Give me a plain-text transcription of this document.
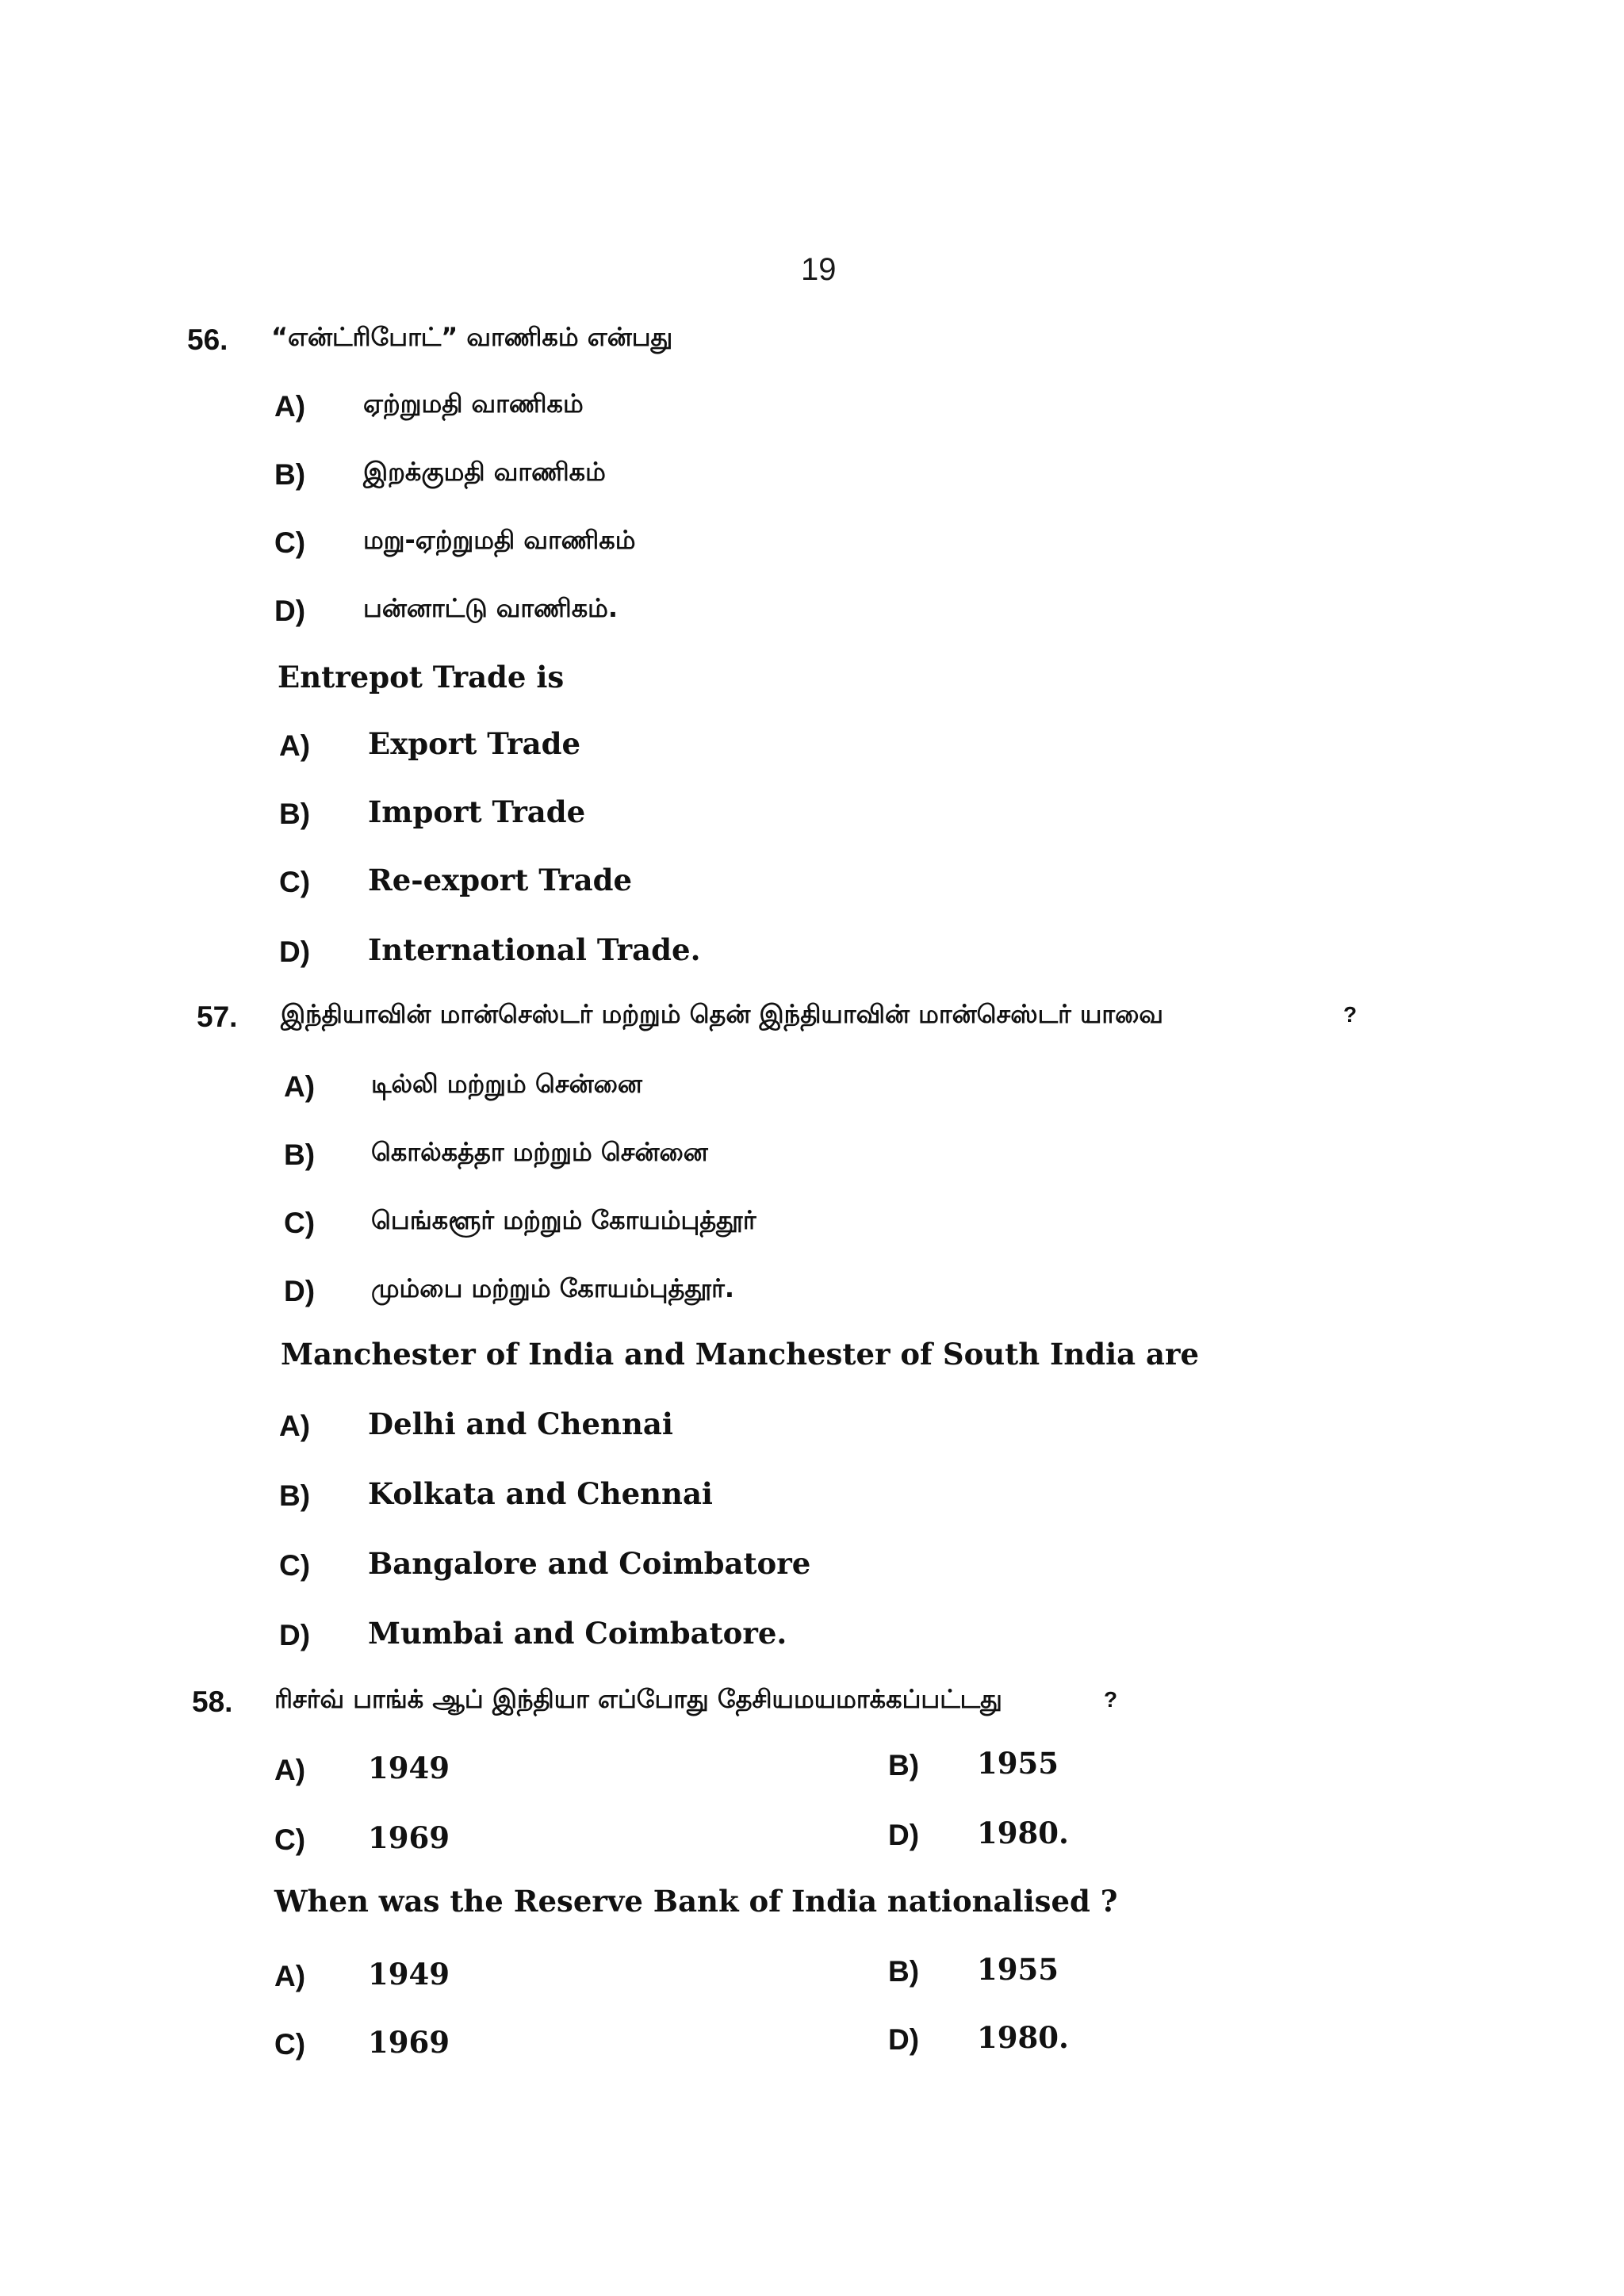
19
56. “என்ட்ரிபோட்” வாணிகம் என்பது
A) ஏற்றுமதி வாணிகம்
B) இறக்குமதி வாணிகம்
C) மறு-ஏற்றுமதி வாணிகம்
D) பன்னாட்டு வாணிகம்.
Entrepot Trade is
A) Export Trade
B) Import Trade
C) Re-export Trade
D) International Trade.
57. இந்தியாவின் மான்செஸ்டர் மற்றும் தென் இந்தியாவின் மான்செஸ்டர் யாவை	?
A) டில்லி மற்றும் சென்னை
B) கொல்கத்தா மற்றும் சென்னை
C) பெங்களூர் மற்றும் கோயம்புத்தூர்
D) மும்பை மற்றும் கோயம்புத்தூர்.
Manchester of India and Manchester of South India are
A) Delhi and Chennai
B) Kolkata and Chennai
C) Bangalore and Coimbatore
D) Mumbai and Coimbatore.
58. ரிசர்வ் பாங்க் ஆப் இந்தியா எப்போது தேசியமயமாக்கப்பட்டது	?
A) 1949	B) 1955
C) 1969	D) 1980.
When was the Reserve Bank of India nationalised ?
A) 1949	B) 1955
C) 1969	D) 1980.
